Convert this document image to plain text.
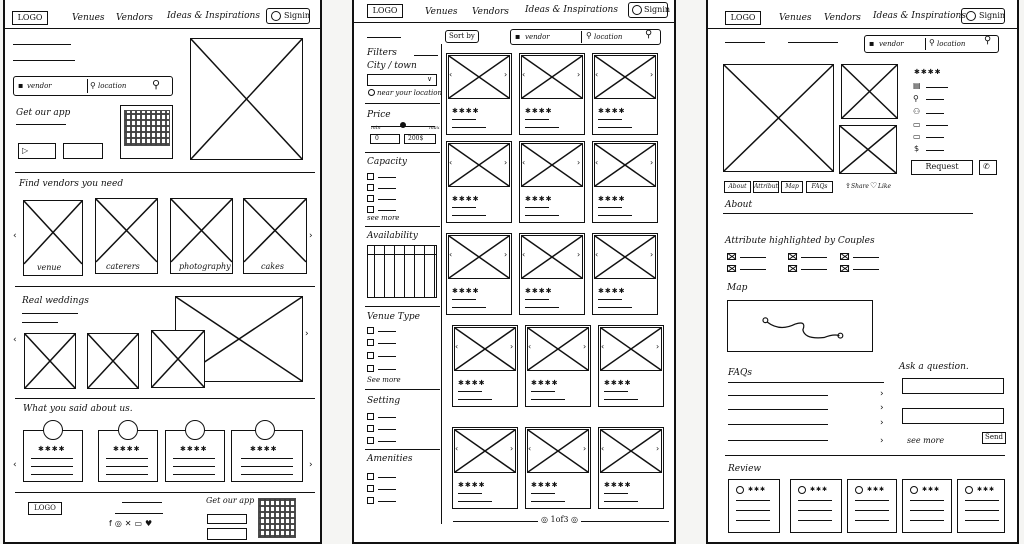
LOGO	Venues Vendors Ideas & Inspirations	Signin
▪ vendor	⚲ location ⚲
Get our app
▷
Find vendors you need
‹	›
venue	caterers	photography	cakes
Real weddings
‹
›
What you said about us.
‹	›
✱✱✱✱	✱✱✱✱	✱✱✱✱	✱✱✱✱
LOGO
f◎✕▭♥
Get our app
LOGO	Venues Vendors Ideas & Inspirations	Signin
Sort by	▪ vendor	⚲ location ⚲
Filters
City / town
∨
near your location
Price
min	max
0	200$
Capacity
see more
Availability
Venue Type
See more
Setting
Amenities
‹	›
✱✱✱✱
‹	›
✱✱✱✱
‹	›
✱✱✱✱
‹	›
✱✱✱✱
‹	›
✱✱✱✱
‹	›
✱✱✱✱
‹	›
✱✱✱✱
‹	›
✱✱✱✱
‹	›
✱✱✱✱
‹	›
✱✱✱✱
‹	›
✱✱✱✱
‹	›
✱✱✱✱
‹	›
✱✱✱✱
‹	›
✱✱✱✱
‹	›
✱✱✱✱
◎ 1of3 ◎
LOGO	Venues Vendors Ideas & Inspirations	Signin
▪ vendor	⚲ location ⚲
✱✱✱✱
▤
⚲
⚇
▭
▭
$
Request	✆
About	Attribut	Map	FAQs	⇪ Share ♡ Like
About
Attribute highlighted by Couples
Map
FAQs
›
›
›
›
Ask a question.
see more	Send
Review
✱✱✱	✱✱✱	✱✱✱	✱✱✱	✱✱✱
